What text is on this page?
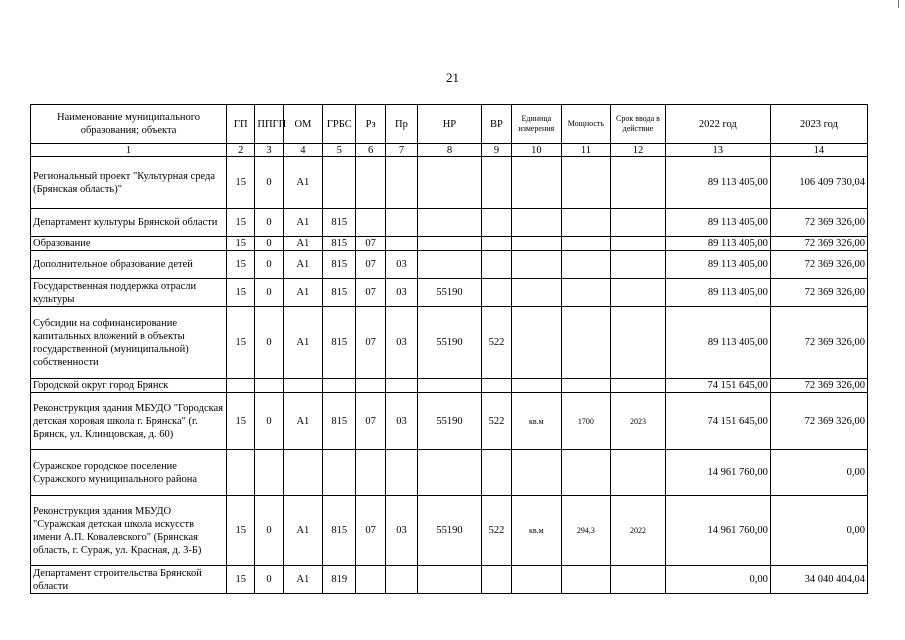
21
Наименование муниципального образования; объекта	ГП	ППГП	ОМ	ГРБС	Рз	Пр	НР	ВР	Единица измерения	Мощность	Срок ввода в действие	2022 год	2023 год
1	2	3	4	5	6	7	8	9	10	11	12	13	14
Региональный проект "Культурная среда (Брянская область)"	15	0	А1									89 113 405,00	106 409 730,04
Департамент культуры Брянской области	15	0	А1	815								89 113 405,00	72 369 326,00
Образование	15	0	А1	815	07							89 113 405,00	72 369 326,00
Дополнительное образование детей	15	0	А1	815	07	03						89 113 405,00	72 369 326,00
Государственная поддержка отрасли культуры	15	0	А1	815	07	03	55190					89 113 405,00	72 369 326,00
Субсидии на софинансирование капитальных вложений в объекты государственной (муниципальной) собственности	15	0	А1	815	07	03	55190	522				89 113 405,00	72 369 326,00
Городской округ город Брянск												74 151 645,00	72 369 326,00
Реконструкция здания МБУДО "Городская детская хоровая школа г. Брянска" (г. Брянск, ул. Клинцовская, д. 60)	15	0	А1	815	07	03	55190	522	кв.м	1700	2023	74 151 645,00	72 369 326,00
Суражское городское поселение Суражского муниципального района												14 961 760,00	0,00
Реконструкция здания МБУДО "Суражская детская школа искусств имени А.П. Ковалевского" (Брянская область, г. Сураж, ул. Красная, д. 3-Б)	15	0	А1	815	07	03	55190	522	кв.м	294,3	2022	14 961 760,00	0,00
Департамент строительства Брянской области	15	0	А1	819								0,00	34 040 404,04
